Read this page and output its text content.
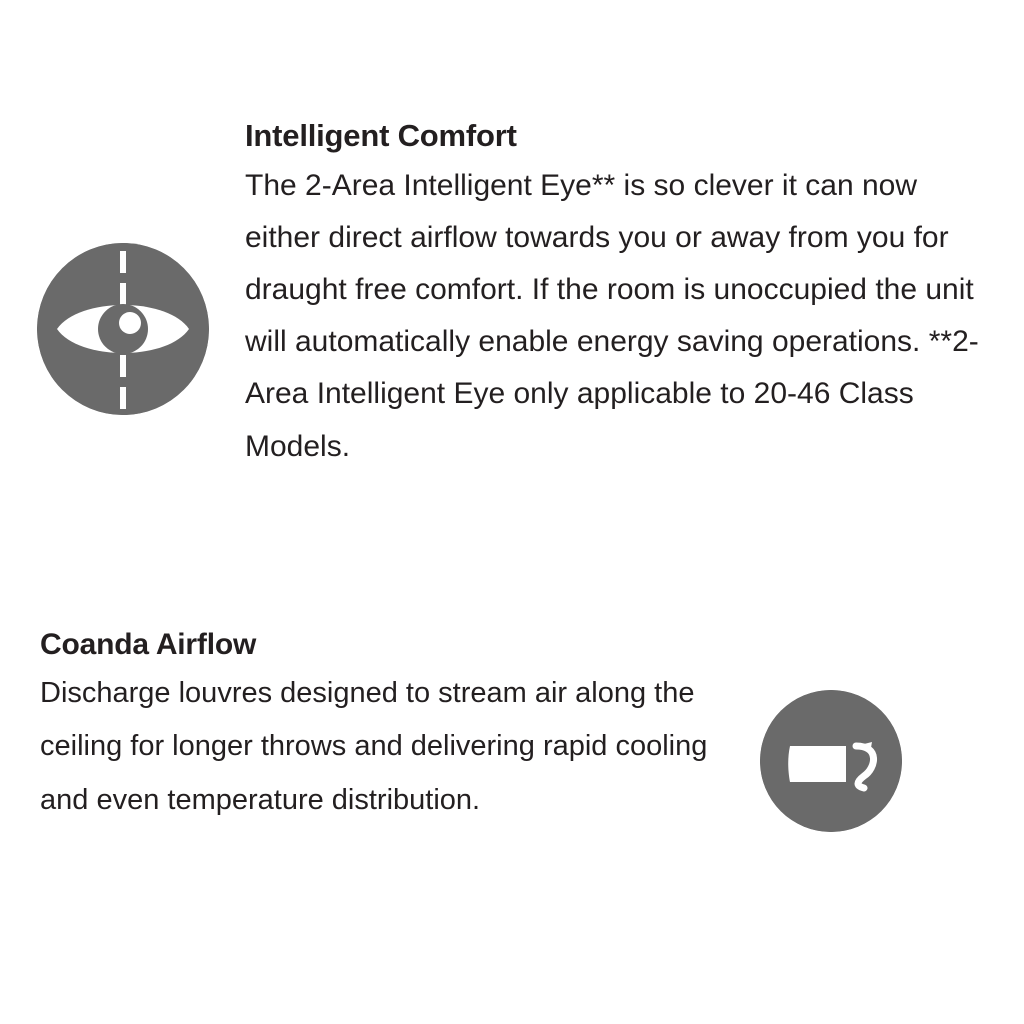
Intelligent Comfort

The 2-Area Intelligent Eye** is so clever it can now either direct airflow towards you or away from you for draught free comfort. If the room is unoccupied the unit will automatically enable energy saving operations. **2-Area Intelligent Eye only applicable to 20-46 Class Models.

Coanda Airflow

Discharge louvres designed to stream air along the ceiling for longer throws and delivering rapid cooling and even temperature distribution.
